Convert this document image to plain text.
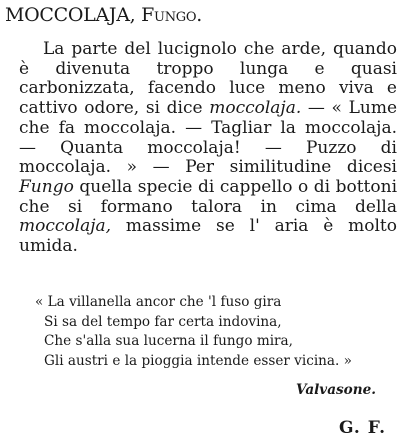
MOCCOLAJA, Fungo.
La parte del lucignolo che arde, quando è divenuta troppo lunga e quasi carbonizzata, facendo luce meno viva e cattivo odore, si dice moccolaja. — « Lume che fa moccolaja. — Tagliar la moccolaja. — Quanta moccolaja! — Puzzo di moccolaja. » — Per similitudine dicesi Fungo quella specie di cappello o di bottoni che si formano talora in cima della moccolaja, massime se l' aria è molto umida.
« La villanella ancor che 'l fuso gira
Si sa del tempo far certa indovina,
Che s'alla sua lucerna il fungo mira,
Gli austri e la pioggia intende esser vicina. »
Valvasone.
G. F.
